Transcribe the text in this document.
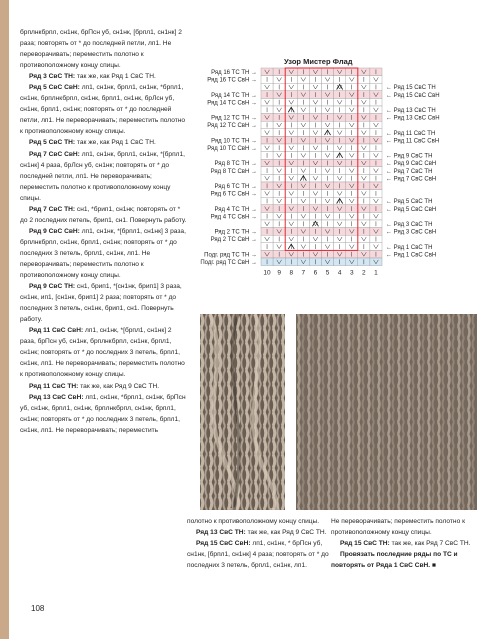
брплнкбрпл, сн1нк, брПсн уб, сн1нк, [брпл1, сн1нк] 2 раза; повторять от * до последней петли, лп1. Не переворачивать; переместить полотно к противоположному концу спицы.

Ряд 3 СвС ТН: так же, как Ряд 1 СвС ТН.

Ряд 5 СвС СвН: лп1, сн1нк, брпл1, сн1нк, *брпл1, сн1нк, брплнкбрпл, сн1нк, брпл1, сн1нк, брЛсн уб, сн1нк, брпл1, сн1нк; повторять от * до последней петли, лп1. Не переворачивать; переместить полотно к противоположному концу спицы.

Ряд 5 СвС ТН: так же, как Ряд 1 СвС ТН.

Ряд 7 СвС СвН: лп1, сн1нк, брпл1, сн1нк, *[брпл1, сн1нк] 4 раза, брЛсн уб, сн1нк; повторять от * до последней петли, лп1. Не переворачивать; переместить полотно к противоположному концу спицы.

Ряд 7 СвС ТН: сн1, *брип1, сн1нк; повторять от * до 2 последних петель, брип1, сн1. Повернуть работу.

Ряд 9 СвС СвН: лп1, сн1нк, *[брпл1, сн1нк] 3 раза, брплнкбрпл, сн1нк, брпл1, сн1нк; повторять от * до последних 3 петель, брпл1, сн1нк, лп1. Не переворачивать; переместить полотно к противоположному концу спицы.

Ряд 9 СвС ТН: сн1, брип1, *[сн1нк, брип1] 3 раза, сн1нк, ип1, [сн1нк, брип1] 2 раза; повторять от * до последних 3 петель, сн1нк, брип1, сн1. Повернуть работу.

Ряд 11 СвС СвН: лп1, сн1нк, *[брпл1, сн1нк] 2 раза, брПсн уб, сн1нк, брплнкбрпл, сн1нк, брпл1, сн1нк; повторять от * до последних 3 петель, брпл1, сн1нк, лп1. Не переворачивать; переместить полотно к противоположному концу спицы.

Ряд 11 СвС ТН: так же, как Ряд 9 СвС ТН.

Ряд 13 СвС СвН: лп1, сн1нк, *брпл1, сн1нк, брПсн уб, сн1нк, брпл1, сн1нк, брплнкбрпл, сн1нк, брпл1, сн1нк; повторять от * до последних 3 петель, брпл1, сн1нк, лп1. Не переворачивать; переместить

полотно к противоположному концу спицы.

Ряд 13 СвС ТН: так же, как Ряд 9 СвС ТН.

Ряд 15 СвС СвН: лп1, сн1нк, * брПсн уб, сн1нк, [брпл1, сн1нк] 4 раза; повторять от * до последних 3 петель, брпл1, сн1нк, лп1.

Не переворачивать; переместить полотно к противоположному концу спицы.

Ряд 15 СвС ТН: так же, как Ряд 7 СвС ТН.

Провязать последние ряды по ТС и повторять от Ряда 1 СвС СвН. ■

108
Узор Мистер Флад
Ряд 16 ТС ТН →
Ряд 16 ТС СвН →
Ряд 14 ТС ТН →
Ряд 14 ТС СвН →
Ряд 12 ТС ТН →
Ряд 12 ТС СвН →
Ряд 10 ТС ТН →
Ряд 10 ТС СвН →
Ряд 8 ТС ТН →
Ряд 8 ТС СвН →
Ряд 6 ТС ТН →
Ряд 6 ТС СвН →
Ряд 4 ТС ТН →
Ряд 4 ТС СвН →
Ряд 2 ТС ТН →
Ряд 2 ТС СвН →
Подг. ряд ТС ТН →
Подг. ряд ТС СвН →
← Ряд 15 СвС ТН
← Ряд 15 СвС СвН
← Ряд 13 СвС ТН
← Ряд 13 СвС СвН
← Ряд 11 СвС ТН
← Ряд 11 СвС СвН
← Ряд 9 СвС ТН
← Ряд 9 СвС СвН
← Ряд 7 СвС ТН
← Ряд 7 СвС СвН
← Ряд 5 СвС ТН
← Ряд 5 СвС СвН
← Ряд 3 СвС ТН
← Ряд 3 СвС СвН
← Ряд 1 СвС ТН
← Ряд 1 СвС СвН
10 9 8 7 6 5 4 3 2 1
